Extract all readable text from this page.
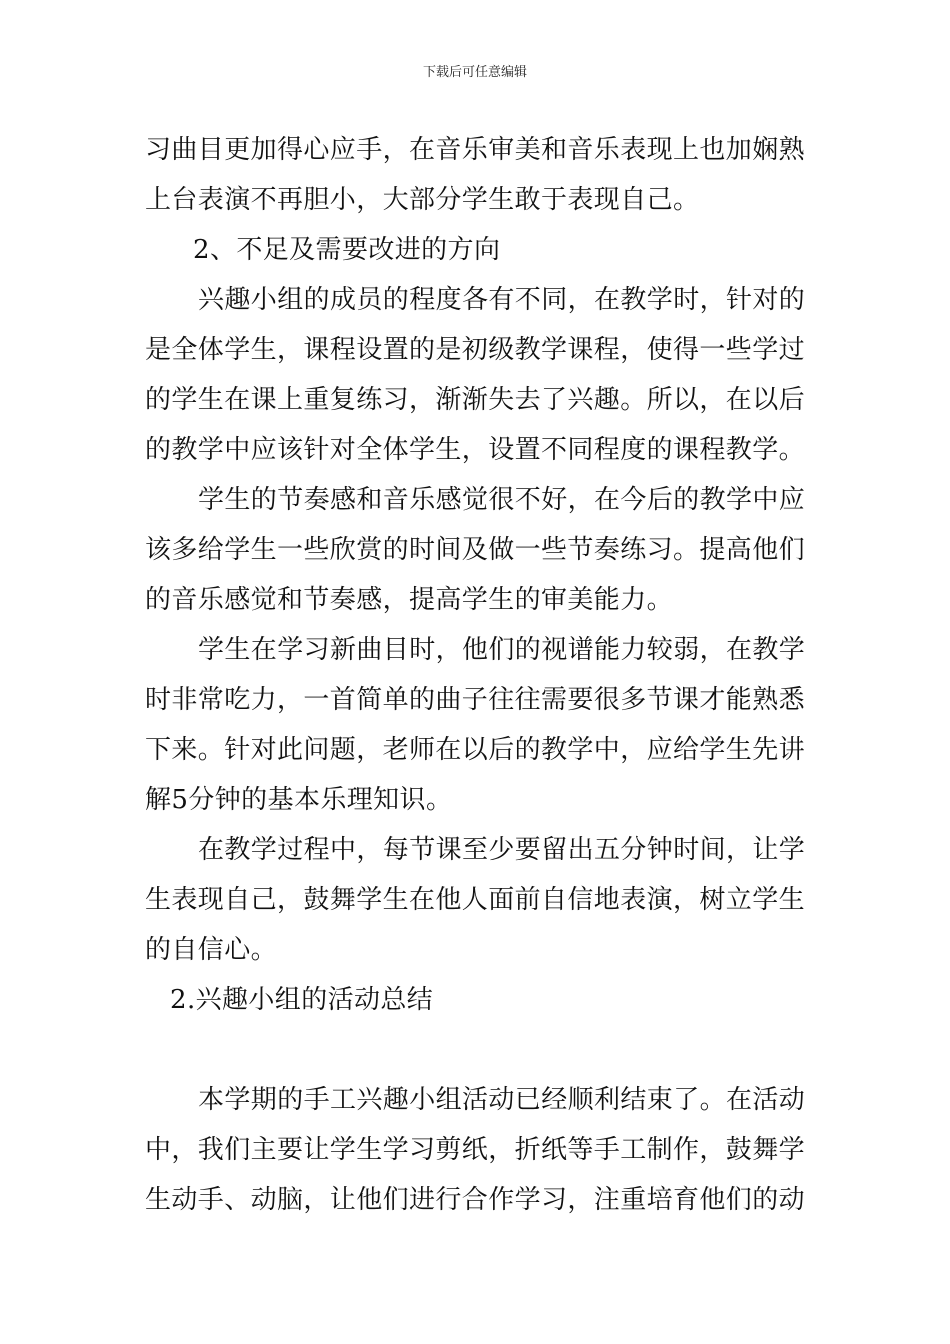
下载后可任意编辑
习曲目更加得心应手，在音乐审美和音乐表现上也加娴熟
上台表演不再胆小，大部分学生敢于表现自己。
2、不足及需要改进的方向
兴趣小组的成员的程度各有不同，在教学时，针对的
是全体学生，课程设置的是初级教学课程，使得一些学过
的学生在课上重复练习，渐渐失去了兴趣。所以，在以后
的教学中应该针对全体学生，设置不同程度的课程教学。
学生的节奏感和音乐感觉很不好，在今后的教学中应
该多给学生一些欣赏的时间及做一些节奏练习。提高他们
的音乐感觉和节奏感，提高学生的审美能力。
学生在学习新曲目时，他们的视谱能力较弱，在教学
时非常吃力，一首简单的曲子往往需要很多节课才能熟悉
下来。针对此问题，老师在以后的教学中，应给学生先讲
解5分钟的基本乐理知识。
在教学过程中，每节课至少要留出五分钟时间，让学
生表现自己，鼓舞学生在他人面前自信地表演，树立学生
的自信心。
2.兴趣小组的活动总结
本学期的手工兴趣小组活动已经顺利结束了。在活动
中，我们主要让学生学习剪纸，折纸等手工制作，鼓舞学
生动手、动脑，让他们进行合作学习，注重培育他们的动
